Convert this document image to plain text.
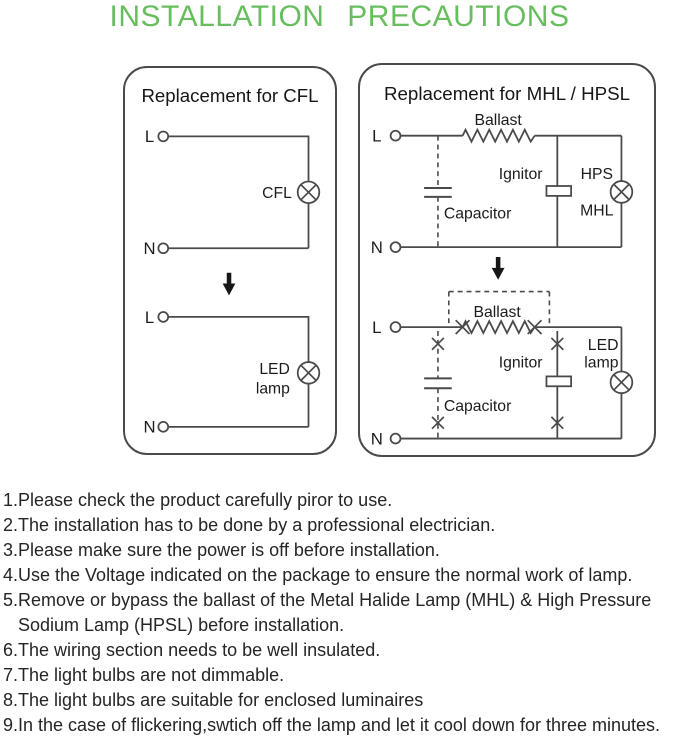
INSTALLATION PRECAUTIONS
Replacement for CFL
L
N
CFL
L
N
LED
lamp
Replacement for MHL / HPSL
Ballast
Capacitor
Ignitor HPS
MHL
L
N
Ballast
Capacitor
Ignitor
LED
lamp
L
N
1.Please check the product carefully piror to use.
2.The installation has to be done by a professional electrician.
3.Please make sure the power is off before installation.
4.Use the Voltage indicated on the package to ensure the normal work of lamp.
5.Remove or bypass the ballast of the Metal Halide Lamp (MHL) & High Pressure Sodium Lamp (HPSL) before installation.
6.The wiring section needs to be well insulated.
7.The light bulbs are not dimmable.
8.The light bulbs are suitable for enclosed luminaires
9.In the case of flickering,swtich off the lamp and let it cool down for three minutes.
